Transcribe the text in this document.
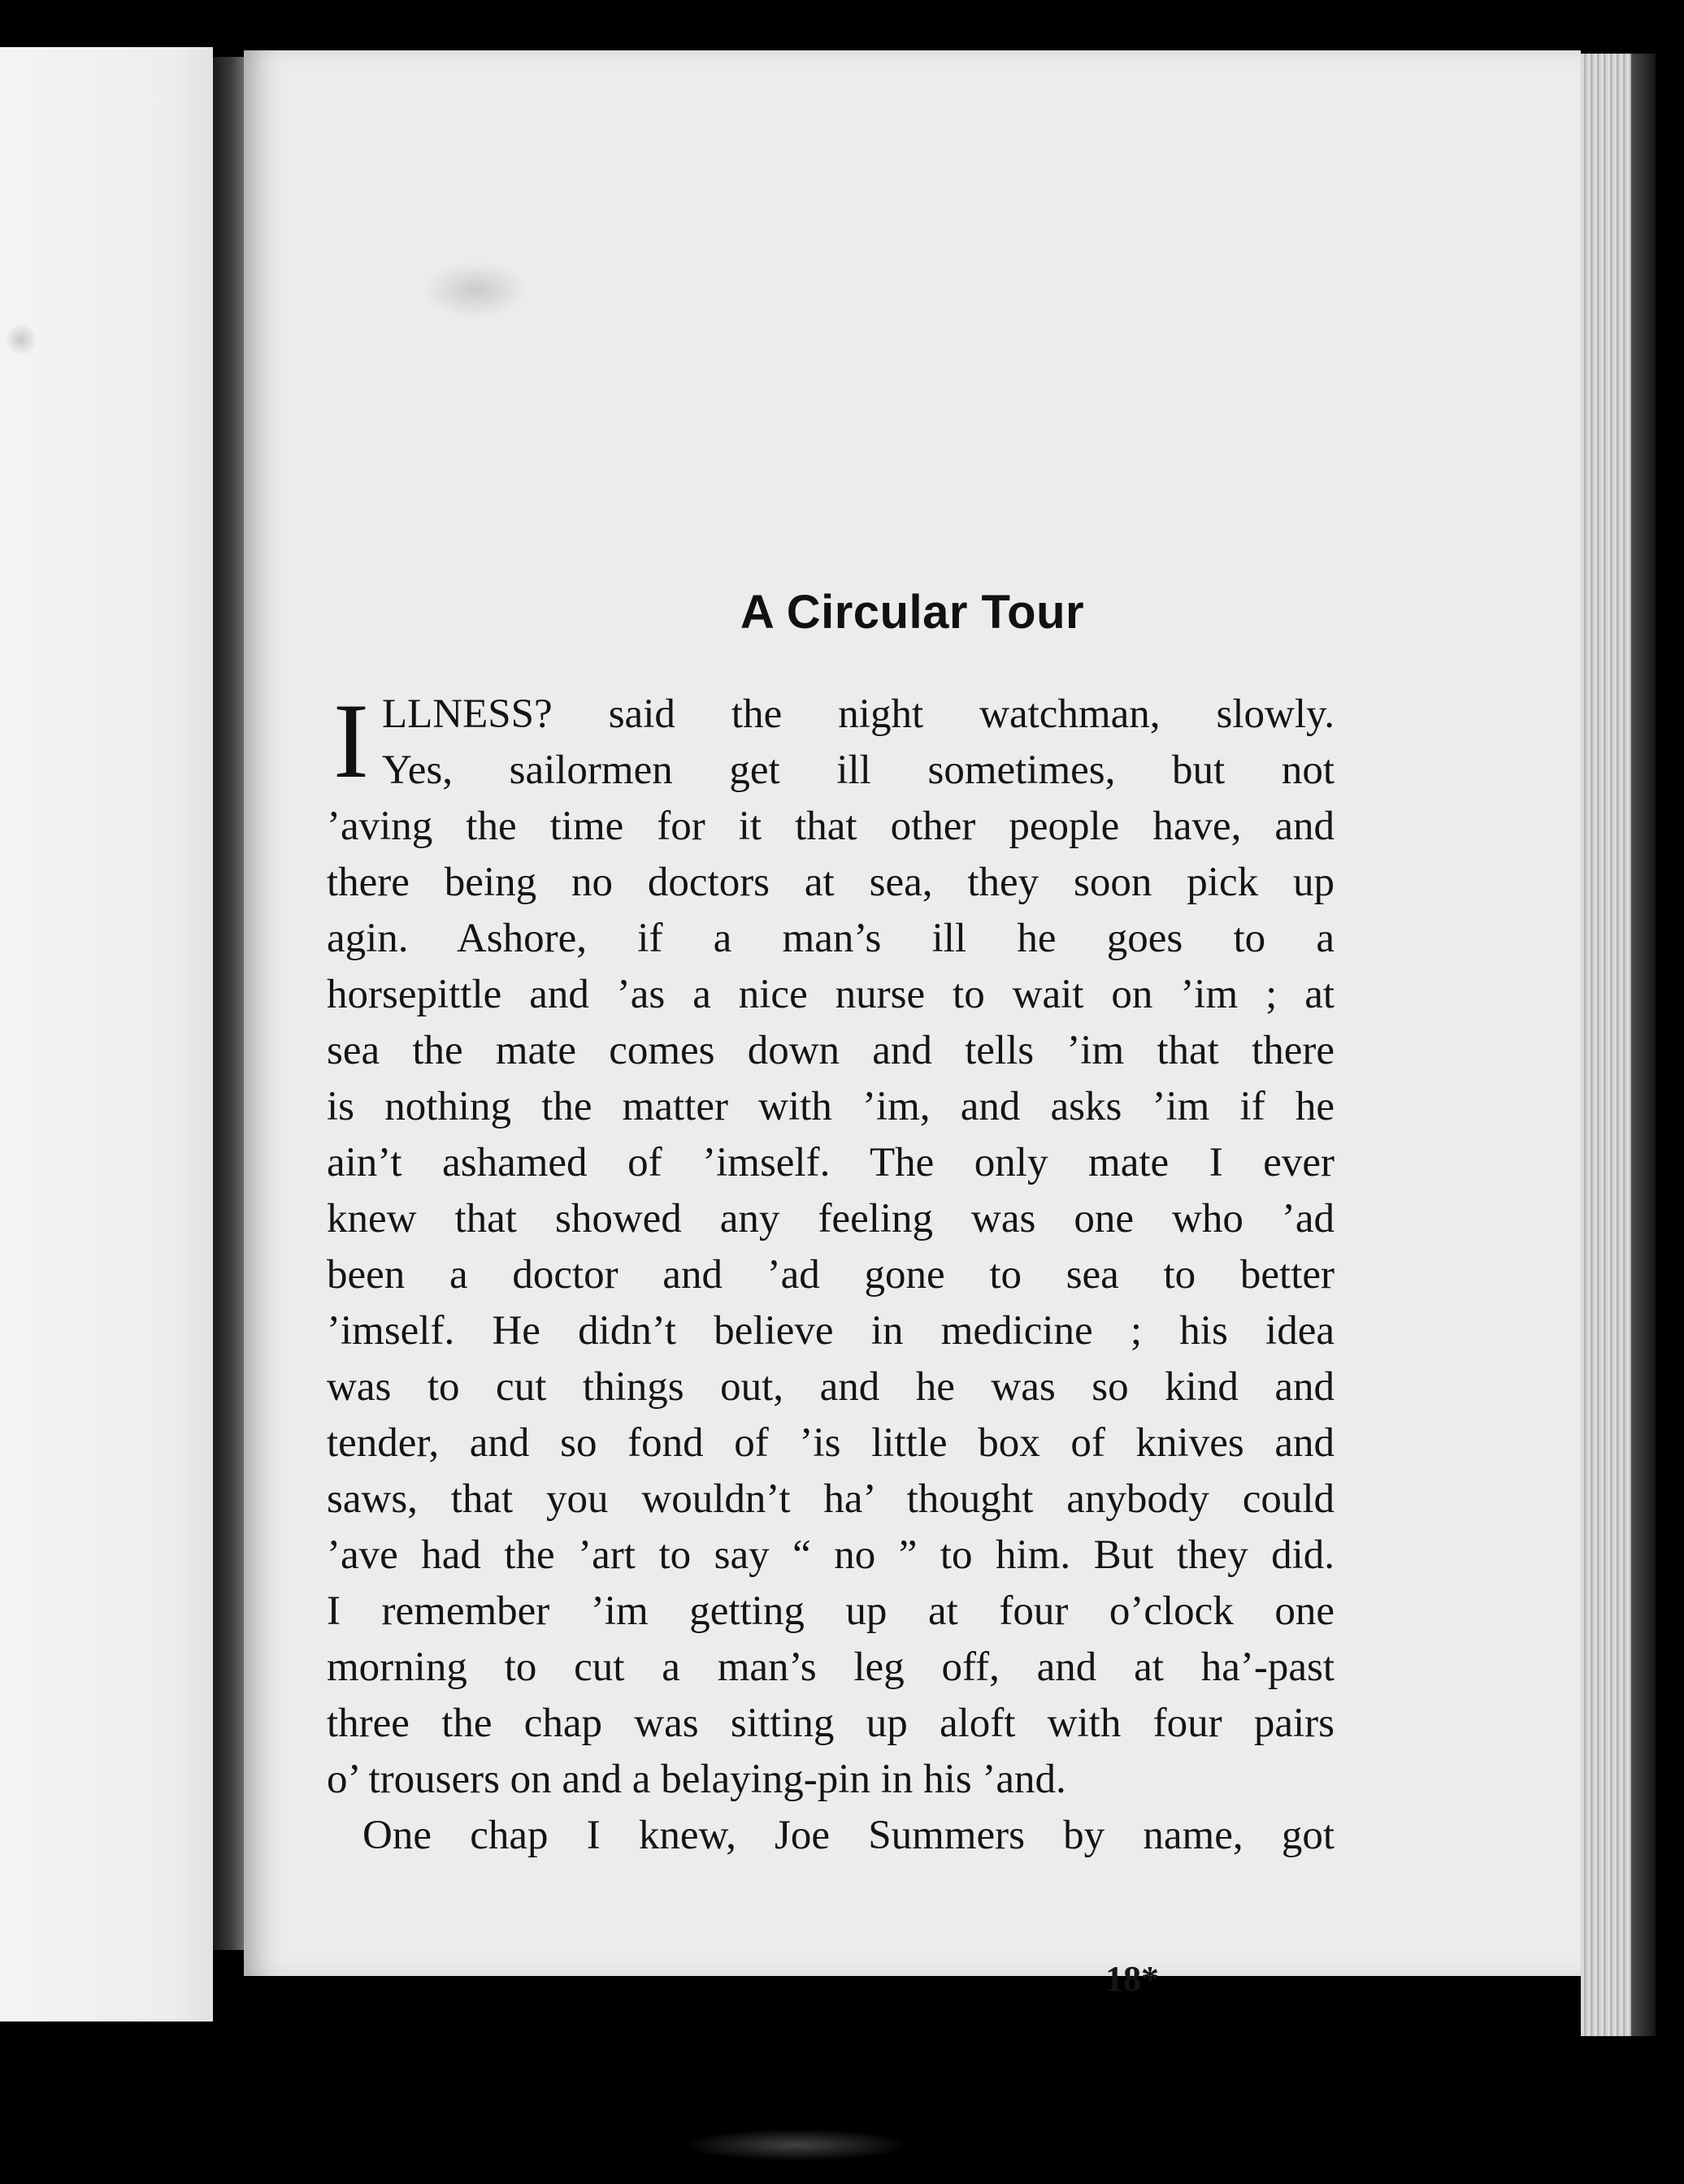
A Circular Tour
I LLNESS? said the night watchman, slowly.
Yes, sailormen get ill sometimes, but not
’aving the time for it that other people have, and
there being no doctors at sea, they soon pick up
agin. Ashore, if a man’s ill he goes to a
horsepittle and ’as a nice nurse to wait on ’im ; at
sea the mate comes down and tells ’im that there
is nothing the matter with ’im, and asks ’im if he
ain’t ashamed of ’imself. The only mate I ever
knew that showed any feeling was one who ’ad
been a doctor and ’ad gone to sea to better
’imself. He didn’t believe in medicine ; his idea
was to cut things out, and he was so kind and
tender, and so fond of ’is little box of knives and
saws, that you wouldn’t ha’ thought anybody could
’ave had the ’art to say “ no ” to him. But they did.
I remember ’im getting up at four o’clock one
morning to cut a man’s leg off, and at ha’-past
three the chap was sitting up aloft with four pairs
o’ trousers on and a belaying-pin in his ’and.
One chap I knew, Joe Summers by name, got
18*
